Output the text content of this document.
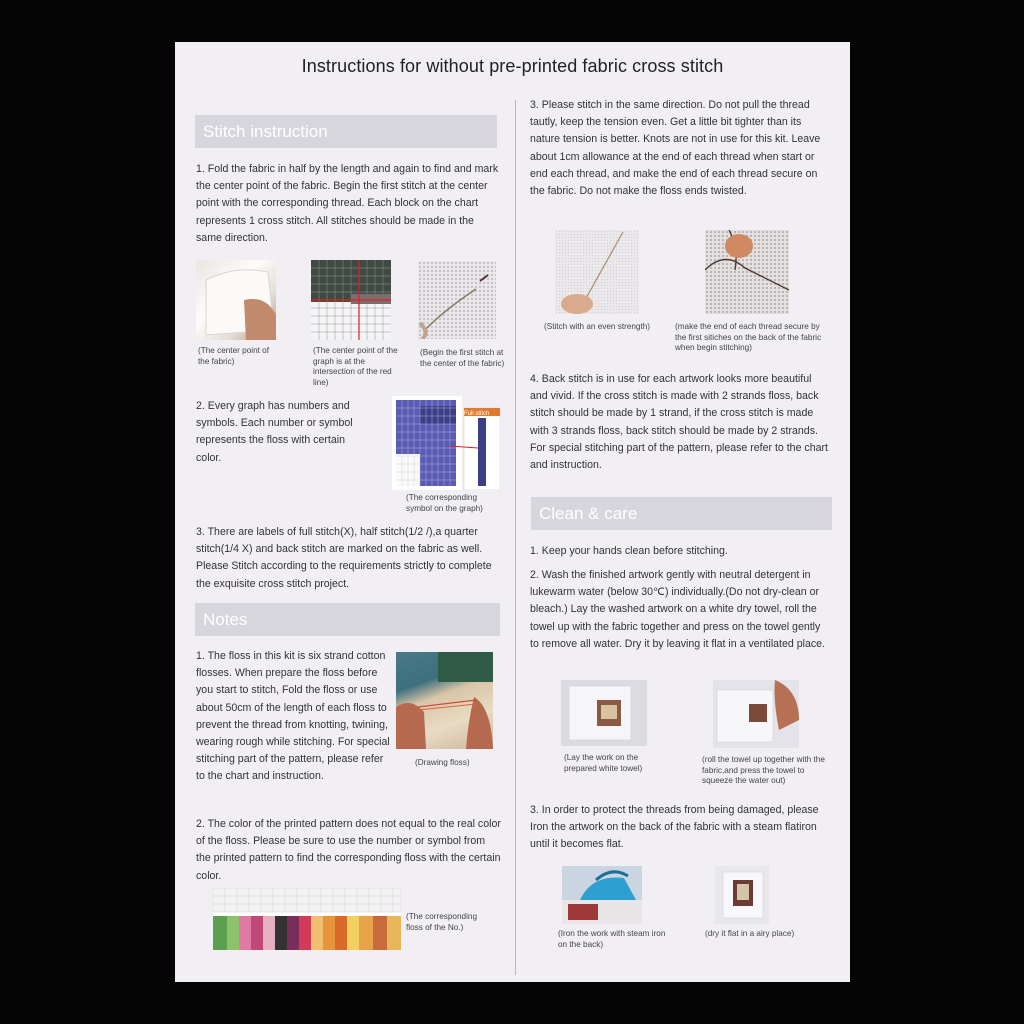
Instructions for without pre-printed fabric cross stitch
Stitch instruction
1. Fold the fabric in half by the length and again to find and mark the center point of the fabric. Begin the first stitch at the center point with the corresponding thread. Each block on the chart represents 1 cross stitch. All stitches should be made in the same direction.
(The center point of the fabric)
(The center point of the graph is at the intersection of the red line)
(Begin the first stitch at the center of the fabric)
2. Every graph has numbers and symbols. Each number or symbol represents the floss with certain color.
Full stitch
(The corresponding symbol on the graph)
3. There are labels of full stitch(X), half stitch(1/2 /),a quarter stitch(1/4 X) and back stitch are marked on the fabric as well. Please Stitch according to the requirements strictly to complete the exquisite cross stitch project.
Notes
1. The floss in this kit is six strand cotton flosses. When prepare the floss before you start to stitch, Fold the floss or use about 50cm of the length of each floss to prevent the thread from knotting, twining, wearing rough while stitching. For special stitching part of the pattern, please refer to the chart and instruction.
(Drawing floss)
2. The color of the printed pattern does not equal to the real color of the floss. Please be sure to use the number or symbol from the printed pattern to find the corresponding floss with the certain color.
(The corresponding floss of the No.)
3. Please stitch in the same direction. Do not pull the thread tautly, keep the tension even. Get a little bit tighter than its nature tension is better. Knots are not in use for this kit. Leave about 1cm allowance at the end of each thread when start or end each thread, and make the end of each thread secure on the fabric. Do not make the floss ends twisted.
(Stitch with an even strength)	(make the end of each thread secure by the first sitiches on the back of the fabric when begin stitching)
4. Back stitch is in use for each artwork looks more beautiful and vivid. If the cross stitch is made with 2 strands floss, back stitch should be made by 1 strand, if the cross stitch is made with 3 strands floss, back stitch should be made by 2 strands. For special stitching part of the pattern, please refer to the chart and instruction.
Clean & care
1. Keep your hands clean before stitching.
2. Wash the finished artwork gently with neutral detergent in lukewarm water (below 30℃) individually.(Do not dry-clean or bleach.) Lay the washed artwork on a white dry towel, roll the towel up with the fabric together and press on the towel gently to remove all water. Dry it by leaving it flat in a ventilated place.
(Lay the work on the prepared white towel)
(roll the towel up together with the fabric,and press the towel to squeeze the water out)
3. In order to protect the threads from being damaged, please Iron the artwork on the back of the fabric with a steam flatiron until it becomes flat.
(Iron the work with steam iron on the back)
(dry it flat in a airy place)
